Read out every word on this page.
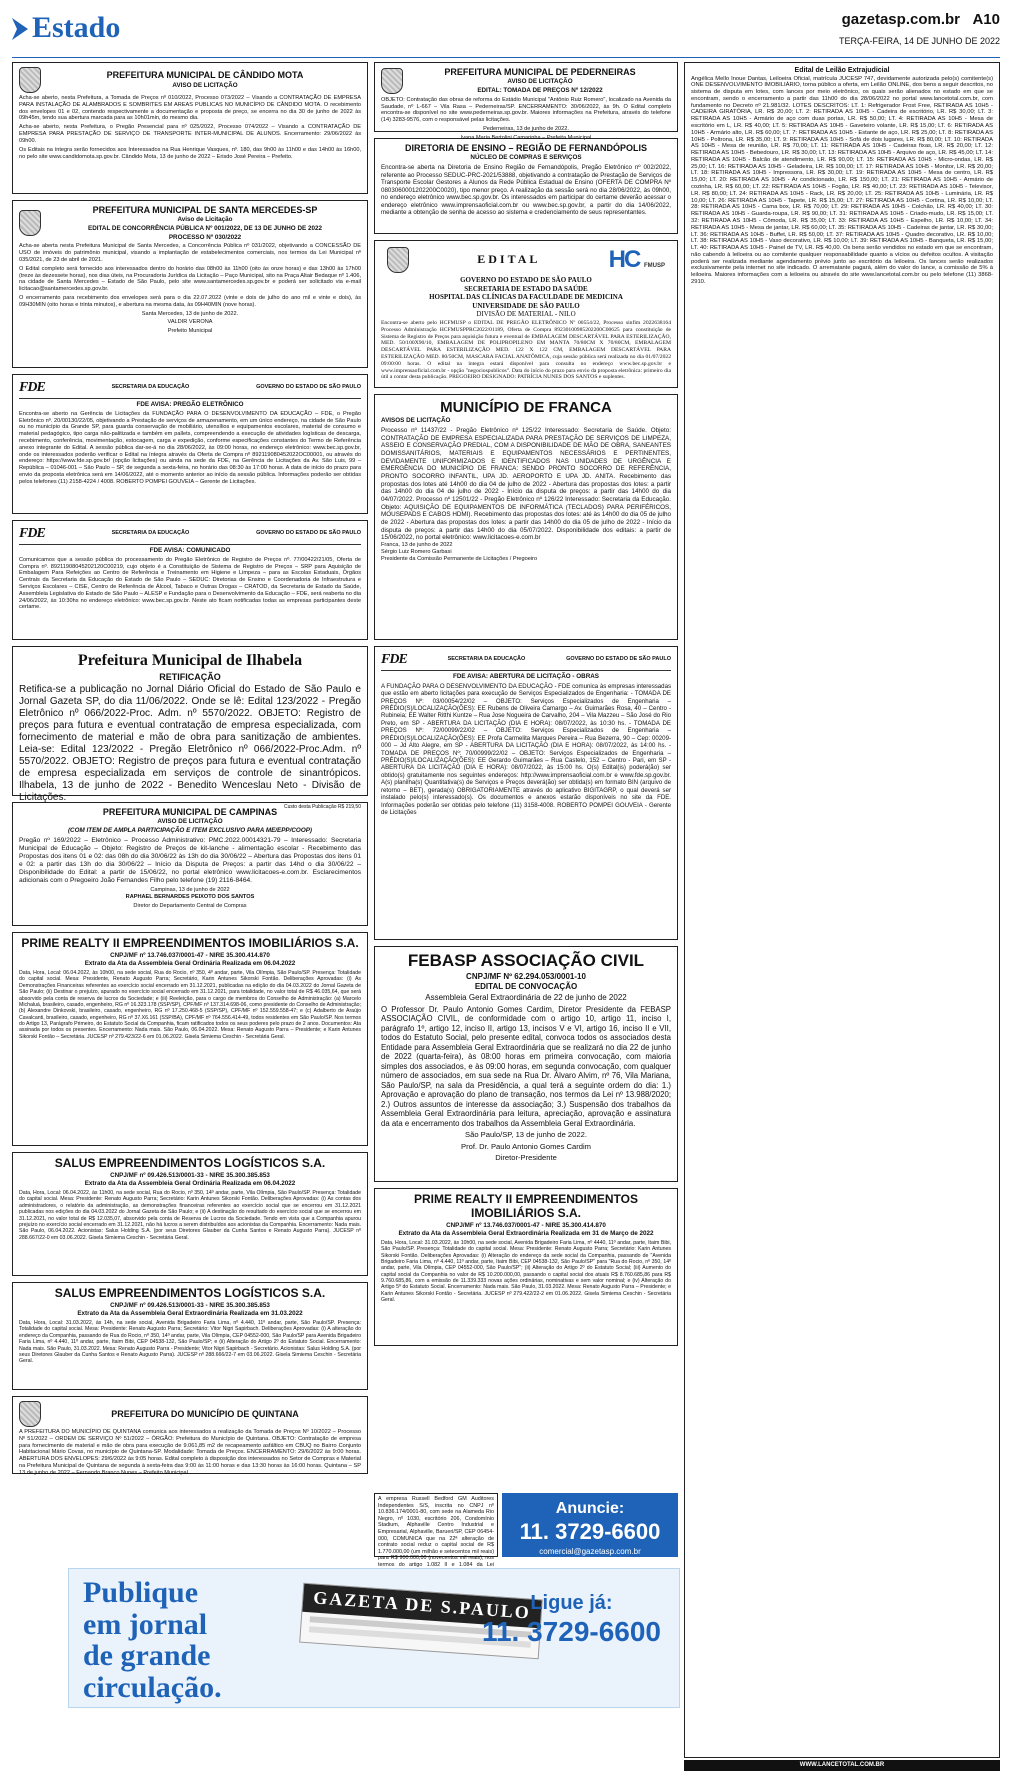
Estado	gazetasp.com.br A10
TERÇA-FEIRA, 14 DE JUNHO DE 2022
PREFEITURA MUNICIPAL DE CÂNDIDO MOTA
AVISO DE LICITAÇÃO

Acha-se aberto, nesta Prefeitura, a Tomada de Preços nº 010/2022, Processo 073/2022 – Visando a CONTRATAÇÃO DE EMPRESA PARA INSTALAÇÃO DE ALAMBRADOS E SOMBRITES EM AREAS PUBLICAS NO MUNICÍPIO DE CÂNDIDO MOTA. O recebimento dos envelopes 01 e 02, contendo respectivamente a documentação e proposta de preço, se encerra no dia 30 de junho de 2022 às 09h45m, tendo sua abertura marcada para as 10h01min, do mesmo dia.

Acha-se aberto, nesta Prefeitura, o Pregão Presencial para nº 025/2022, Processo 074/2022 – Visando a CONTRATAÇÃO DE EMPRESA PARA PRESTAÇÃO DE SERVIÇO DE TRANSPORTE INTER-MUNICIPAL DE ALUNOS. Encerramento: 29/06/2022 às 09h00.

Os Editais na íntegra serão fornecidos aos Interessados na Rua Henrique Vasques, nº. 180, das 9h00 às 11h00 e das 14h00 às 16h00, no pelo site www.candidomota.sp.gov.br. Cândido Mota, 13 de junho de 2022 – Erisdo José Pereira – Prefeito.

PREFEITURA MUNICIPAL DE SANTA MERCEDES-SP
Aviso de Licitação
EDITAL DE CONCORRÊNCIA PÚBLICA Nº 001/2022, DE 13 DE JUNHO DE 2022
PROCESSO Nº 030/2022

Acha-se aberta nesta Prefeitura Municipal de Santa Mercedes, a Concorrência Pública nº 031/2022, objetivando a CONCESSÃO DE USO de imóveis do patrimônio municipal, visando a implantação de estabelecimentos comerciais, nos termos da Lei Municipal nº 035/2021, de 23 de abril de 2021.

O Edital completo será fornecido aos interessados dentro do horário das 08h00 às 11h00 (oito às onze horas) e das 13h00 às 17h00 (treze às dezessete horas), nos dias úteis, na Procuradoria Jurídica da Licitação – Paço Municipal, sito na Praça Altair Bedaque nº 1.406, na cidade de Santa Mercedes – Estado de São Paulo, pelo site www.santamercedes.sp.gov.br e poderá ser solicitado via e-mail licitacao@santamercedes.sp.gov.br.

O encerramento para recebimento dos envelopes será para o dia 22.07.2022 (vinte e dois de julho do ano mil e vinte e dois), às 09H30MIN (oito horas e trinta minutos), e abertura na mesma data, às 09H40MIN (nove horas).

Santa Mercedes, 13 de junho de 2022.
VALDIR VERONA
Prefeito Municipal
FDE	SECRETARIA DA EDUCAÇÃO	GOVERNO DO ESTADO DE SÃO PAULO
FDE AVISA: PREGÃO ELETRÔNICO

Encontra-se aberto na Gerência de Licitações da FUNDAÇÃO PARA O DESENVOLVIMENTO DA EDUCAÇÃO – FDE, o Pregão Eletrônico nº. 20/00130/22/05, objetivando a Prestação de serviços de armazenamento, em um único endereço, na cidade de São Paulo ou no município da Grande SP, para guarda conservação de mobiliário, utensílios e equipamentos escolares, material de consumo e material pedagógico, tipo carga não-palitizada e também em pallets, compreendendo a execução de atividades logísticas de descarga, recebimento, conferência, movimentação, estocagem, carga e expedição, conforme especificações constantes do Termo de Referência anexo integrante do Edital. A sessão pública dar-se-á no dia 28/06/2022, às 09:00 horas, no endereço eletrônico: www.bec.sp.gov.br, onde os interessados poderão verificar o Edital na íntegra através da Oferta de Compra nº 892119080452022OC00001, ou através do endereço: https://www.fde.sp.gov.br/ (opção licitações) ou ainda na sede da FDE, na Gerência de Licitações da Av. São Luis, 99 – República – 01046-001 – São Paulo – SP, de segunda a sexta-feira, no horário das 08:30 às 17:00 horas. A data de início do prazo para envio da proposta eletrônica será em 14/06/2022, até o momento anterior ao início da sessão pública. Informações poderão ser obtidas pelos telefones (11) 2158-4224 / 4008. ROBERTO POMPEI GOUVEIA – Gerente de Licitações.

FDE	SECRETARIA DA EDUCAÇÃO	GOVERNO DO ESTADO DE SÃO PAULO
FDE AVISA: COMUNICADO

Comunicamos que a sessão pública do processamento do Pregão Eletrônico de Registro de Preços nº. 77/00422/21/05, Oferta de Compra nº. 89211908045202120C00219, cujo objeto é a Constituição de Sistema de Registro de Preços – SRP para Aquisição de Embalagem Para Refeições ao Centro de Referência e Treinamento em Higiene e Limpeza – para as Escolas Estaduais, Órgãos Centrais da Secretaria da Educação do Estado de São Paulo – SEDUC: Diretorias de Ensino e Coordenadoria de Infraestrutura e Serviços Escolares – CISE, Centro de Referência de Álcool, Tabaco e Outras Drogas – CRATOD, da Secretaria de Estado da Saúde, Assembleia Legislativa do Estado de São Paulo – ALESP e Fundação para o Desenvolvimento da Educação – FDE, será reaberta no dia 24/06/2022, às 10:30hs no endereço eletrônico: www.bec.sp.gov.br. Neste ato ficam notificadas todas as empresas participantes deste certame.

Prefeitura Municipal de Ilhabela
RETIFICAÇÃO

Retifica-se a publicação no Jornal Diário Oficial do Estado de São Paulo e Jornal Gazeta SP, do dia 11/06/2022. Onde se lê: Edital 123/2022 - Pregão Eletrônico nº 066/2022-Proc. Adm. nº 5570/2022. OBJETO: Registro de preços para futura e eventual contratação de empresa especializada, com fornecimento de material e mão de obra para sanitização de ambientes. Leia-se: Edital 123/2022 - Pregão Eletrônico nº 066/2022-Proc.Adm. nº 5570/2022. OBJETO: Registro de preços para futura e eventual contratação de empresa especializada em serviços de controle de sinantrópicos. Ilhabela, 13 de junho de 2022 - Benedito Wenceslau Neto - Divisão de Licitações.

Custo desta Publicação R$ 219,50
PREFEITURA MUNICIPAL DE CAMPINAS
AVISO DE LICITAÇÃO
(COM ITEM DE AMPLA PARTICIPAÇÃO E ITEM EXCLUSIVO PARA ME/EPP/COOP)

Pregão nº 169/2022 – Eletrônico – Processo Administrativo: PMC.2022.00014321-79 – Interessado: Secretaria Municipal de Educação – Objeto: Registro de Preços de kit-lanche - alimentação escolar - Recebimento das Propostas dos itens 01 e 02: das 08h do dia 30/06/22 às 13h do dia 30/06/22 – Abertura das Propostas dos itens 01 e 02: a partir das 13h do dia 30/06/22 – Início da Disputa de Preços: a partir das 14hd o dia 30/06/22 – Disponibilidade do Edital: a partir de 15/06/22, no portal eletrônico www.licitacoes-e.com.br. Esclarecimentos adicionais com o Pregoeiro João Fernandes Filho pelo telefone (19) 2116-8464.

Campinas, 13 de junho de 2022
RAPHAEL BERNARDES PEIXOTO DOS SANTOS
Diretor do Departamento Central de Compras
PRIME REALTY II EMPREENDIMENTOS IMOBILIÁRIOS S.A.
CNPJ/MF nº 13.746.037/0001-47 - NIRE 35.300.414.870
Extrato da Ata da Assembleia Geral Ordinária Realizada em 06.04.2022

Data, Hora, Local: 06.04.2022, às 10h00, na sede social, Rua do Rocio, nº 350, 4º andar, parte, Vila Olímpia, São Paulo/SP. Presença: Totalidade do capital social. Mesa: Presidente, Renato Augusto Parra; Secretário, Karin Antunes Sikorski Fontão. Deliberações Aprovadas: (i) As Demonstrações Financeiras referentes ao exercício social encerrado em 31.12.2021, publicadas na edição do dia 04.03.2022 do Jornal Gazeta de São Paulo; (ii) Destinar o prejuízo, apurado no exercício social encerrado em 31.12.2021, para totalidade, no valor total de R$ 46.035,64, que será absorvido pela conta de reserva de lucros da Sociedade; e (iii) Reeleição, para o cargo de membros do Conselho de Administração: (a) Marcelo Michaluá, brasileiro, casado, engenheiro, RG nº 16.323.178 (SSP/SP), CPF/MF nº 137.314.698-06, como presidente do Conselho de Administração; (b) Alexandre Dinkovski, brasileiro, casado, engenheiro, RG nº 17.250.468-5 (SSP/SP), CPF/MF nº 152.559.558-47; e (c) Adalberto de Araújo Cavalcanti, brasileiro, casado, engenheiro, RG nº 37.X6.161 (SSP/BA), CPF/MF nº 764.556.414-49, todos residentes em São Paulo/SP. Nos termos do Artigo 13, Parágrafo Primeiro, do Estatuto Social da Companhia, ficam ratificados todos os seus poderes pelo prazo de 2 anos. Documentos: Ata assinada por todos os presentes. Encerramento: Nada mais. São Paulo, 06.04.2022. Mesa: Renato Augusto Parra – Presidente; e Karin Antunes Sikorski Fontão – Secretária. JUCESP nº 279.423/22-6 em 01.06.2022. Gisela Simiema Ceschin - Secretária Geral.

SALUS EMPREENDIMENTOS LOGÍSTICOS S.A.
CNPJ/MF nº 09.426.513/0001-33 - NIRE 35.300.385.853
Extrato da Ata da Assembleia Geral Ordinária Realizada em 06.04.2022

Data, Hora, Local: 06.04.2022, às 11h00, na sede social, Rua do Rocio, nº 350, 14º andar, parte, Vila Olímpia, São Paulo/SP. Presença: Totalidade do capital social. Mesa: Presidente: Renato Augusto Parra; Secretário: Karin Antunes Sikorski Fontão. Deliberações Aprovadas: (i) As contas dos administradores, o relatório da administração, as demonstrações financeiras referentes ao exercício social que se encerrou em 31.12.2021 publicadas nos edições do dia 04.03.2022 do Jornal Gazeta de São Paulo; e (ii) A destinação do resultado do exercício social que se encerrou em 31.12.2021, no valor total de R$ 12.035,07, absorvido pela conta de Reserva de Lucros da Sociedade. Tendo em vista que a Companhia apurou prejuízo no exercício social encerrado em 31.12.2021, não há lucros a serem distribuídos aos acionistas da Companhia. Encerramento: Nada mais. São Paulo, 06.04.2022. Acionistas: Salus Holding S.A. (por seus Diretores Glauber da Cunha Santos e Renato Augusto Parra). JUCESP nº 288.667/22-0 em 03.06.2022. Gisela Simiema Ceschin - Secretária Geral.

SALUS EMPREENDIMENTOS LOGÍSTICOS S.A.
CNPJ/MF nº 09.426.513/0001-33 - NIRE 35.300.385.853
Extrato da Ata da Assembleia Geral Extraordinária Realizada em 31.03.2022

Data, Hora, Local: 31.03.2022, às 14h, na sede social, Avenida Brigadeiro Faria Lima, nº 4.440, 11º andar, parte, São Paulo/SP. Presença: Totalidade do capital social. Mesa: Presidente: Renato Augusto Parra; Secretário: Vitor Nigri Sapirbach. Deliberações Aprovadas: (i) A alteração do endereço da Companhia, passando de Rua do Rocio, nº 350, 14º andar, parte, Vila Olímpia, CEP 04552-000, São Paulo/SP para Avenida Brigadeiro Faria Lima, nº 4.440, 11º andar, parte, Itaim Bibi, CEP 04538-132, São Paulo/SP; e (ii) Alteração do Artigo 2º do Estatuto Social. Encerramento: Nada mais. São Paulo, 31.03.2022. Mesa: Renato Augusto Parra - Presidente; Vitor Nigri Sapirbach - Secretário. Acionistas: Salus Holding S.A. (por seus Diretores Glauber da Cunha Santos e Renato Augusto Parra). JUCESP nº 288.666/22-7 em 03.06.2022. Gisela Simiema Ceschin - Secretária Geral.

PREFEITURA DO MUNICÍPIO DE QUINTANA

A PREFEITURA DO MUNICÍPIO DE QUINTANA comunica aos interessados a realização da Tomada de Preços Nº 10/2022 – Processo Nº 51/2022 – ORDEM DE SERVIÇO Nº 51/2022 – ÓRGÃO: Prefeitura do Município de Quintana. OBJETO: Contratação de empresa para fornecimento de material e mão de obra para execução de 9.061,85 m2 de recapeamento asfáltico em CBUQ no Bairro Conjunto Habitacional Mário Covas, no município de Quintana-SP. Modalidade: Tomada de Preços. ENCERRAMENTO: 29/6/2022 às 9:00 horas. ABERTURA DOS ENVELOPES: 29/6/2022 às 9:05 horas. Edital completo à disposição dos interessados no Setor de Compras e Material na Prefeitura Municipal de Quintana de segunda à sexta-feira das 9:00 às 11:00 horas e das 13:30 horas às 16:00 horas. Quintana – SP 13 de junho de 2022 – Fernando Branco Nunes – Prefeito Municipal.

PREFEITURA MUNICIPAL DE PEDERNEIRAS
AVISO DE LICITAÇÃO
EDITAL: TOMADA DE PREÇOS Nº 12/2022

OBJETO: Contratação das obras de reforma do Estádio Municipal "Antônio Ruiz Romero", localizado na Avenida da Saudade, nº L-667 – Vila Rasa – Pederneiras/SP. ENCERRAMENTO: 30/06/2022, às 9h. O Edital completo encontra-se disponível no site www.pederneiras.sp.gov.br. Maiores informações na Prefeitura, através do telefone (14) 3283-9576, com o responsável pelas licitações.

Pederneiras, 13 de junho de 2022.
Ivana Maria Bertolini Camarinha – Prefeita Municipal
DIRETORIA DE ENSINO – REGIÃO DE FERNANDÓPOLIS
NÚCLEO DE COMPRAS E SERVIÇOS

Encontra-se aberta na Diretoria de Ensino Região de Fernandópolis, Pregão Eletrônico nº 002/2022, referente ao Processo SEDUC-PRC-2021/53888, objetivando a contratação de Prestação de Serviços de Transporte Escolar Gestores a Alunos da Rede Pública Estadual de Ensino (OFERTA DE COMPRA Nº 0803060001202200C0020), tipo menor preço. A realização da sessão será no dia 28/06/2022, às 09h00, no endereço eletrônico www.bec.sp.gov.br. Os interessados em participar do certame deverão acessar o endereço eletrônico www.imprensaoficial.com.br ou www.bec.sp.gov.br, a partir do dia 14/06/2022, mediante a obtenção de senha de acesso ao sistema e credenciamento de seus representantes.

EDITAL	HC FMUSP
GOVERNO DO ESTADO DE SÃO PAULO
SECRETARIA DE ESTADO DA SAÚDE
HOSPITAL DAS CLÍNICAS DA FACULDADE DE MEDICINA
UNIVERSIDADE DE SÃO PAULO
DIVISÃO DE MATERIAL - NILO

Encontra-se aberto pelo HCFMUSP o EDITAL DE PREGÃO ELETRÔNICO Nº 00554/22, Processo sinfim 2022638164 Processo Administração HCFMUSPPRC2022/01189, Oferta de Compra 89230100985202200C00625 para constituição de Sistema de Registro de Preços para aquisição futura e eventual de EMBALAGEM DESCARTÁVEL PARA ESTERILIZAÇÃO, MED. 50/100X90/10, EMBALAGEM DE POLIPROPILENO EM MANTA 70/80CM X 70/80CM, EMBALAGEM DESCARTÁVEL PARA ESTERILIZAÇÃO MED. 122 X 122 CM, EMBALAGEM DESCARTÁVEL PARA ESTERILIZAÇÃO MED. 80/50CM, MASCARA FACIAL ANATÔMICA, cuja sessão pública será realizada no dia 01/07/2022 09:00:00 horas. O edital na íntegra estará disponível para consulta no endereço www.bec.sp.gov.br e www.imprensaoficial.com.br - opção "negociospublicos". Data do início do prazo para envio da proposta eletrônica: primeiro dia útil a contar desta publicação. PREGOEIRO DESIGNADO: PATRÍCIA NUNES DOS SANTOS e suplentes.

MUNICÍPIO DE FRANCA
AVISOS DE LICITAÇÃO

Processo nº 11437/22 - Pregão Eletrônico nº 125/22 Interessado: Secretaria de Saúde. Objeto: CONTRATAÇÃO DE EMPRESA ESPECIALIZADA PARA PRESTAÇÃO DE SERVIÇOS DE LIMPEZA, ASSEIO E CONSERVAÇÃO PREDIAL, COM A DISPONIBILIDADE DE MÃO DE OBRA, SANEANTES DOMISSANITÁRIOS, MATERIAIS E EQUIPAMENTOS NECESSÁRIOS E PERTINENTES, DEVIDAMENTE UNIFORMIZADOS E IDENTIFICADOS NAS UNIDADES DE URGÊNCIA E EMERGÊNCIA DO MUNICÍPIO DE FRANCA: SENDO PRONTO SOCORRO DE REFERÊNCIA, PRONTO SOCORRO INFANTIL, UPA JD. AEROPORTO E UPA JD. ANITA. Recebimento das propostas dos lotes até 14h00 do dia 04 de julho de 2022 - Abertura das propostas dos lotes: a partir das 14h00 do dia 04 de julho de 2022 - Início da disputa de preços: a partir das 14h00 do dia 04/07/2022. Processo nº 12501/22 - Pregão Eletrônico nº 126/22 Interessado: Secretaria da Educação. Objeto: AQUISIÇÃO DE EQUIPAMENTOS DE INFORMÁTICA (TECLADOS) PARA PERIFÉRICOS, MOUSEPADS E CABOS HDMI). Recebimento das propostas dos lotes: até às 14h00 do dia 05 de julho de 2022 - Abertura das propostas dos lotes: a partir das 14h00 do dia 05 de julho de 2022 - Início da disputa de preços: a partir das 14h00 do dia 05/07/2022. Disponibilidade dos editais: a partir de 15/06/2022, no portal eletrônico: www.licitacoes-e.com.br

Franca, 13 de junho de 2022
Sérgio Luiz Romero Garbasi
Presidente da Comissão Permanente de Licitações / Pregoeiro
FDE	SECRETARIA DA EDUCAÇÃO	GOVERNO DO ESTADO DE SÃO PAULO
FDE AVISA: ABERTURA DE LICITAÇÃO - OBRAS

A FUNDAÇÃO PARA O DESENVOLVIMENTO DA EDUCAÇÃO - FDE comunica às empresas interessadas que estão em aberto licitações para execução de Serviços Especializados de Engenharia: - TOMADA DE PREÇOS Nº: 03/00054/22/02 – OBJETO: Serviços Especializados de Engenharia – PRÉDIO(S)/LOCALIZAÇÃO(ÕES): EE Rubens de Oliveira Camargo – Av. Guimarães Rosa, 40 – Centro - Rubineia; EE Walter Ritthi Kuntze – Rua Jose Nogueira de Carvalho, 204 – Vila Mazzeu – São José do Rio Preto, em SP - ABERTURA DA LICITAÇÃO (DIA E HORA): 08/07/2022, às 10:30 hs. - TOMADA DE PREÇOS Nº: 72/00099/22/02 – OBJETO: Serviços Especializados de Engenharia – PRÉDIO(S)/LOCALIZAÇÃO(ÕES): EE Profa Carmelita Marques Pereira – Rua Bezerra, 90 – Cep: 00209-000 – Jd Alto Alegre, em SP - ABERTURA DA LICITAÇÃO (DIA E HORA): 08/07/2022, às 14:00 hs. - TOMADA DE PREÇOS Nº: 70/00999/22/02 – OBJETO: Serviços Especializados de Engenharia – PRÉDIO(S)/LOCALIZAÇÃO(ÕES): EE Gerardo Guimarães – Rua Castelo, 152 – Centro - Pari, em SP - ABERTURA DA LICITAÇÃO (DIA E HORA): 08/07/2022, às 15:00 hs. O(s) Edital(is) poderá(ão) ser obtido(s) gratuitamente nos seguintes endereços: http://www.imprensaoficial.com.br e www.fde.sp.gov.br. A(s) planilha(s) Quantitativa(s) de Serviços e Preços deverá(ão) ser obtida(s) em formato BIN (arquivo de retorno – BET), gerada(s) OBRIGATORIAMENTE através do aplicativo BIGITAGRP, o qual deverá ser instalado pelo(s) interessado(s). Os documentos e anexos estarão disponíveis no site da FDE. Informações poderão ser obtidas pelo telefone (11) 3158-4008. ROBERTO POMPEI GOUVEIA - Gerente de Licitações

FEBASP ASSOCIAÇÃO CIVIL
CNPJ/MF Nº 62.294.053/0001-10
EDITAL DE CONVOCAÇÃO
Assembleia Geral Extraordinária de 22 de junho de 2022

O Professor Dr. Paulo Antonio Gomes Cardim, Diretor Presidente da FEBASP ASSOCIAÇÃO CIVIL, de conformidade com o artigo 10, artigo 11, inciso I, parágrafo 1º, artigo 12, inciso II, artigo 13, incisos V e VI, artigo 16, inciso II e VII, todos do Estatuto Social, pelo presente edital, convoca todos os associados desta Entidade para Assembleia Geral Extraordinária que se realizará no dia 22 de junho de 2022 (quarta-feira), às 08:00 horas em primeira convocação, com maioria simples dos associados, e às 09:00 horas, em segunda convocação, com qualquer número de associados, em sua sede na Rua Dr. Álvaro Alvim, nº 76, Vila Mariana, São Paulo/SP, na sala da Presidência, a qual terá a seguinte ordem do dia: 1.) Aprovação e aprovação do plano de transação, nos termos da Lei nº 13.988/2020; 2.) Outros assuntos de interesse da associação; 3.) Suspensão dos trabalhos da Assembleia Geral Extraordinária para leitura, apreciação, aprovação e assinatura da ata e encerramento dos trabalhos da Assembleia Geral Extraordinária.

São Paulo/SP, 13 de junho de 2022.
Prof. Dr. Paulo Antonio Gomes Cardim
Diretor-Presidente
PRIME REALTY II EMPREENDIMENTOS IMOBILIÁRIOS S.A.
CNPJ/MF nº 13.746.037/0001-47 - NIRE 35.300.414.870
Extrato da Ata da Assembleia Geral Extraordinária Realizada em 31 de Março de 2022

Data, Hora, Local: 31.03.2022, às 10h00, na sede social, Avenida Brigadeiro Faria Lima, nº 4440, 11º andar, parte, Itaim Bibi, São Paulo/SP. Presença: Totalidade do capital social. Mesa: Presidente: Renato Augusto Parra; Secretário: Karin Antunes Sikorski Fontão. Deliberações Aprovadas: (i) Alteração do endereço da sede social da Companhia, passando de "Avenida Brigadeiro Faria Lima, nº 4.440, 11º andar, parte, Itaim Bibi, CEP 04538-132, São Paulo/SP" para "Rua do Rocio, nº 350, 14º andar, parte, Vila Olímpia, CEP 04552-000, São Paulo/SP"; (ii) Alteração do Artigo 2º do Estatuto Social; (iii) Aumento do capital social da Companhia no valor de R$ 10.200.000,00, passando o capital social dos atuais R$ 8.760.685,86 para R$ 9.760.685,86, com a emissão de 11.339.333 novas ações ordinárias, nominativas e sem valor nominal; e (iv) Alteração do Artigo 5º do Estatuto Social. Encerramento: Nada mais. São Paulo, 31.03.2022. Mesa: Renato Augusto Parra – Presidente; e Karin Antunes Sikorski Fontão - Secretária. JUCESP nº 279.422/22-2 em 01.06.2022. Gisela Simiema Ceschin - Secretária Geral.

A empresa Russell Bedford GM Auditores Independentes S/S, inscrita no CNPJ nº 10.836.174/0001-80, com sede na Alameda Rio Negro, nº 1030, escritório 206, Condomínio Stadium, Alphaville Centro Industrial e Empresarial, Alphaville, Barueri/SP, CEP 06454-000, COMUNICA que na 22ª alteração de contrato social reduz o capital social de R$ 1.770.000,00 (um milhão e setecentos mil reais) para R$ 900.000,00 (novecentos mil reais), nos termos do artigo 1.082 II e 1.084 da Lei
Anuncie:
11. 3729-6600
comercial@gazetasp.com.br
Publique
em jornal
de grande
circulação.
GAZETA DE S.PAULO
Ligue já:
11. 3729-6600
Edital de Leilão Extrajudicial

Angélica Mello Inoue Dantas, Leiloeira Oficial, matrícula JUCESP 747, devidamente autorizada pelo(s) comitente(s) ONE DESENVOLVIMENTO IMOBILIÁRIO, torna público a oferta, em Leilão ONLINE, dos bens a seguir descritos, no sistema de disputa em lotes, com lances por meio eletrônico, os quais serão alienados no estado em que se encontram, sendo o encerramento a partir das 11h00 do dia 28/06/2022 no portal www.lancetotal.com.br, com fundamento no Decreto nº 21.981/32. LOTES DESCRITOS: LT. 1: Refrigerador Frost Free, RETIRADA AS 10H5 - CADEIRA GIRATÓRIA, LR. R$ 20,00; LT. 2: RETIRADA AS 10H5 - Cadeira de escritório, LR. R$ 30,00; LT. 3: RETIRADA AS 10H5 - Armário de aço com duas portas, LR. R$ 50,00; LT. 4: RETIRADA AS 10H5 - Mesa de escritório em L, LR. R$ 40,00; LT. 5: RETIRADA AS 10H5 - Gaveteiro volante, LR. R$ 15,00; LT. 6: RETIRADA AS 10H5 - Armário alto, LR. R$ 60,00; LT. 7: RETIRADA AS 10H5 - Estante de aço, LR. R$ 25,00; LT. 8: RETIRADA AS 10H5 - Poltrona, LR. R$ 35,00; LT. 9: RETIRADA AS 10H5 - Sofá de dois lugares, LR. R$ 80,00; LT. 10: RETIRADA AS 10H5 - Mesa de reunião, LR. R$ 70,00; LT. 11: RETIRADA AS 10H5 - Cadeiras fixas, LR. R$ 20,00; LT. 12: RETIRADA AS 10H5 - Bebedouro, LR. R$ 30,00; LT. 13: RETIRADA AS 10H5 - Arquivo de aço, LR. R$ 45,00; LT. 14: RETIRADA AS 10H5 - Balcão de atendimento, LR. R$ 90,00; LT. 15: RETIRADA AS 10H5 - Micro-ondas, LR. R$ 25,00; LT. 16: RETIRADA AS 10H5 - Geladeira, LR. R$ 100,00; LT. 17: RETIRADA AS 10H5 - Monitor, LR. R$ 20,00; LT. 18: RETIRADA AS 10H5 - Impressora, LR. R$ 30,00; LT. 19: RETIRADA AS 10H5 - Mesa de centro, LR. R$ 15,00; LT. 20: RETIRADA AS 10H5 - Ar condicionado, LR. R$ 150,00; LT. 21: RETIRADA AS 10H5 - Armário de cozinha, LR. R$ 60,00; LT. 22: RETIRADA AS 10H5 - Fogão, LR. R$ 40,00; LT. 23: RETIRADA AS 10H5 - Televisor, LR. R$ 80,00; LT. 24: RETIRADA AS 10H5 - Rack, LR. R$ 20,00; LT. 25: RETIRADA AS 10H5 - Luminária, LR. R$ 10,00; LT. 26: RETIRADA AS 10H5 - Tapete, LR. R$ 15,00; LT. 27: RETIRADA AS 10H5 - Cortina, LR. R$ 10,00; LT. 28: RETIRADA AS 10H5 - Cama box, LR. R$ 70,00; LT. 29: RETIRADA AS 10H5 - Colchão, LR. R$ 40,00; LT. 30: RETIRADA AS 10H5 - Guarda-roupa, LR. R$ 90,00; LT. 31: RETIRADA AS 10H5 - Criado-mudo, LR. R$ 15,00; LT. 32: RETIRADA AS 10H5 - Cômoda, LR. R$ 35,00; LT. 33: RETIRADA AS 10H5 - Espelho, LR. R$ 10,00; LT. 34: RETIRADA AS 10H5 - Mesa de jantar, LR. R$ 60,00; LT. 35: RETIRADA AS 10H5 - Cadeiras de jantar, LR. R$ 30,00; LT. 36: RETIRADA AS 10H5 - Buffet, LR. R$ 50,00; LT. 37: RETIRADA AS 10H5 - Quadro decorativo, LR. R$ 10,00; LT. 38: RETIRADA AS 10H5 - Vaso decorativo, LR. R$ 10,00; LT. 39: RETIRADA AS 10H5 - Banqueta, LR. R$ 15,00; LT. 40: RETIRADA AS 10H5 - Painel de TV, LR. R$ 40,00. Os bens serão vendidos no estado em que se encontram, não cabendo à leiloeira ou ao comitente qualquer responsabilidade quanto a vícios ou defeitos ocultos. A visitação poderá ser realizada mediante agendamento prévio junto ao escritório da leiloeira. Os lances serão realizados exclusivamente pela internet no site indicado. O arrematante pagará, além do valor do lance, a comissão de 5% à leiloeira. Maiores informações com a leiloeira ou através do site www.lancetotal.com.br ou pelo telefone (11) 3868-2910.

WWW.LANCETOTAL.COM.BR
